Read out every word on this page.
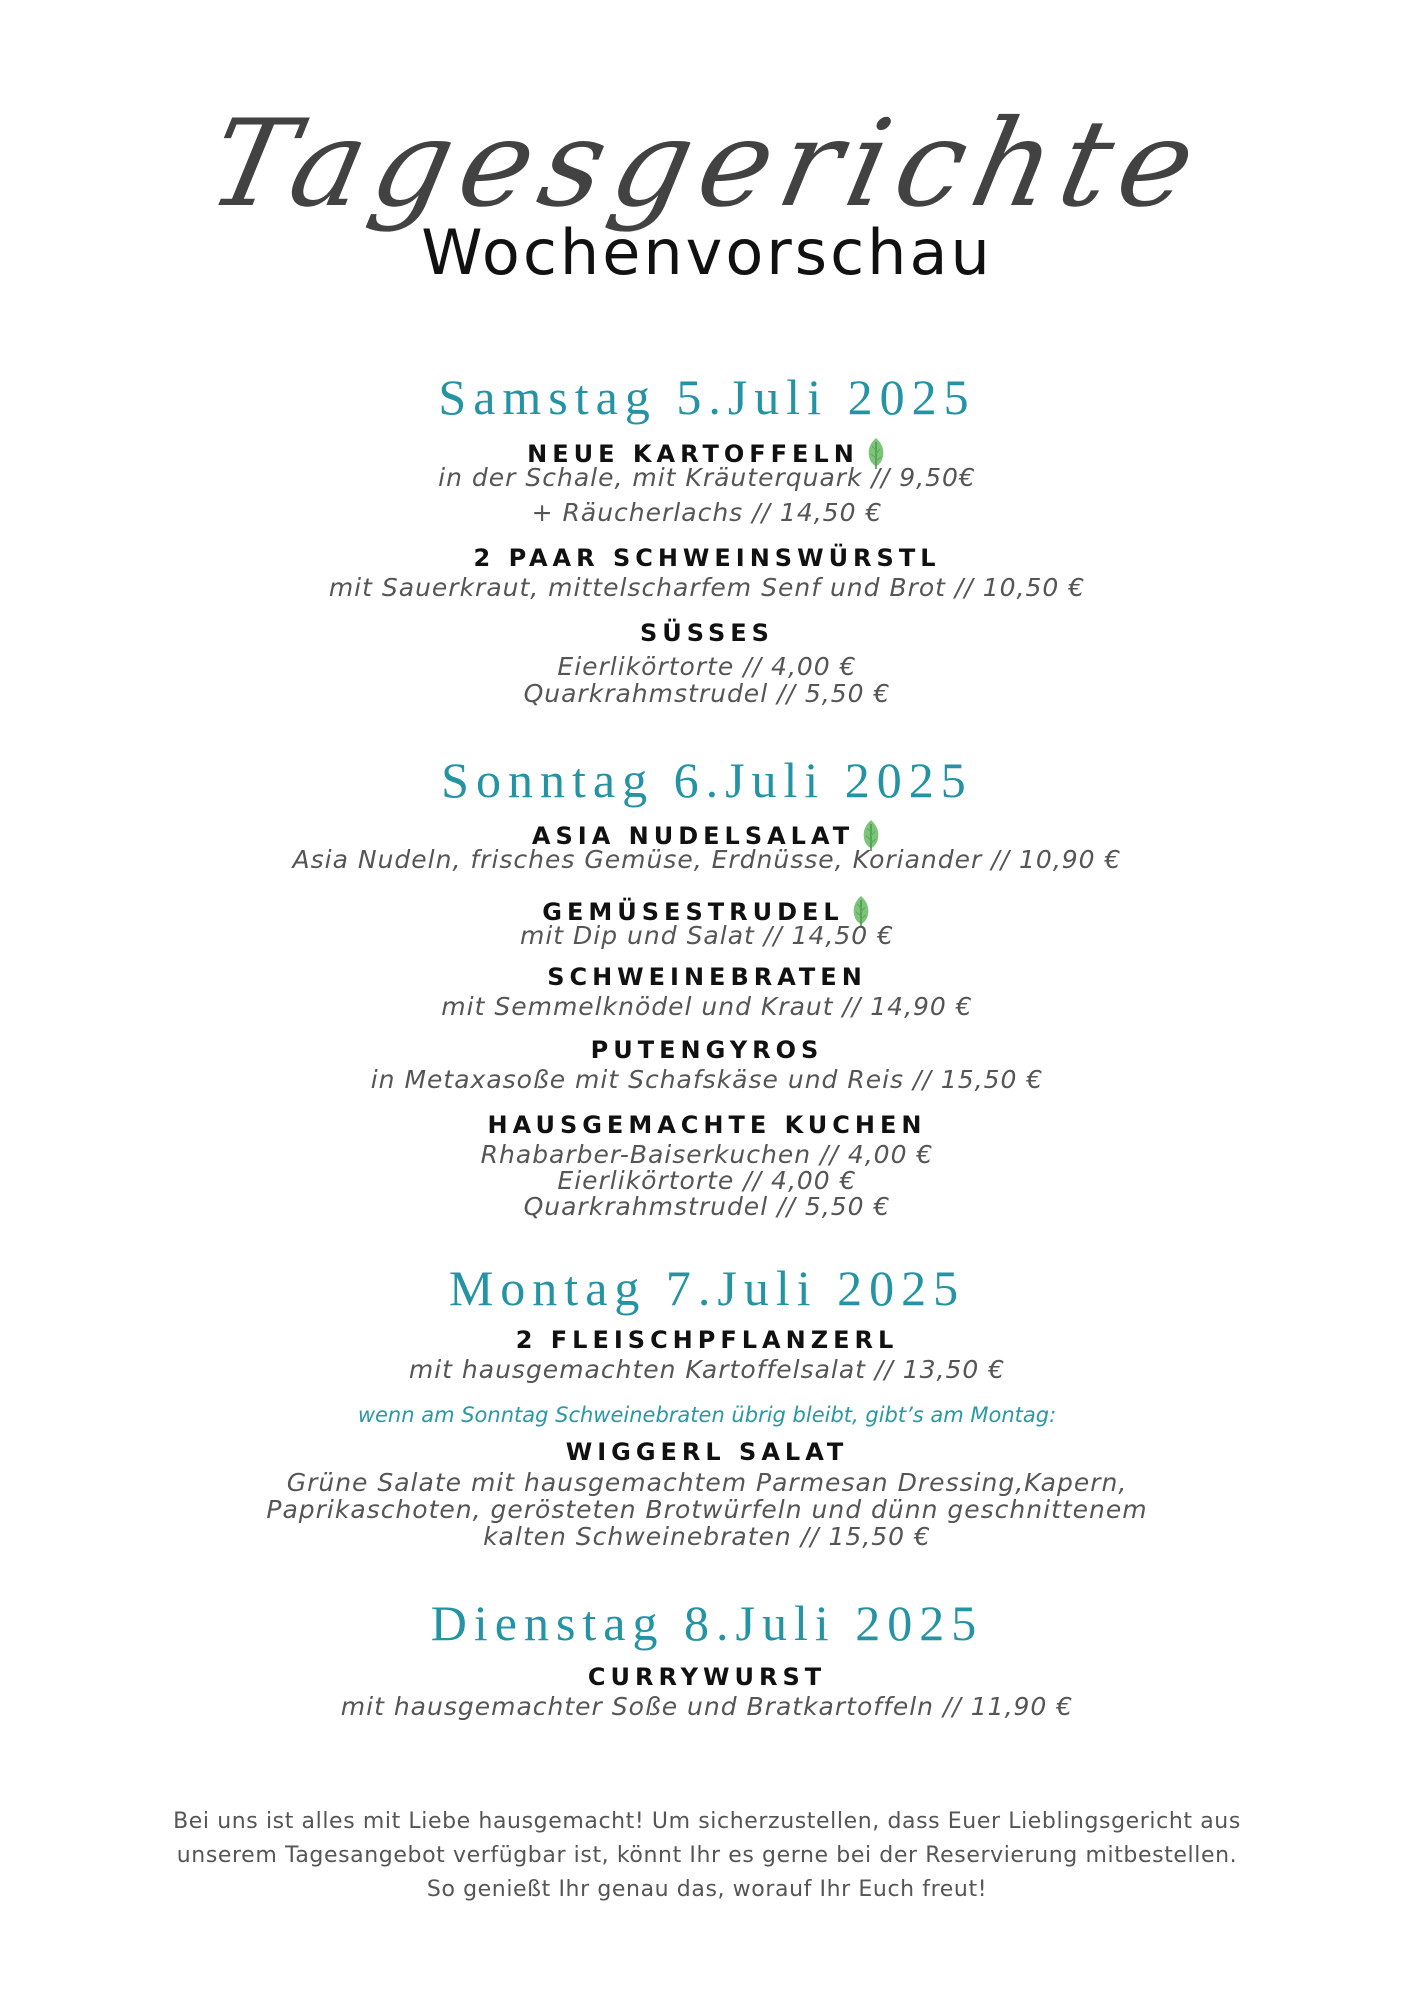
Tagesgerichte
Wochenvorschau
Samstag 5.Juli 2025
NEUE KARTOFFELN
in der Schale, mit Kräuterquark // 9,50€
+ Räucherlachs // 14,50 €
2 PAAR SCHWEINSWÜRSTL
mit Sauerkraut, mittelscharfem Senf und Brot // 10,50 €
SÜSSES
Eierlikörtorte // 4,00 €
Quarkrahmstrudel // 5,50 €
Sonntag 6.Juli 2025
ASIA NUDELSALAT
Asia Nudeln, frisches Gemüse, Erdnüsse, Koriander // 10,90 €
GEMÜSESTRUDEL
mit Dip und Salat // 14,50 €
SCHWEINEBRATEN
mit Semmelknödel und Kraut // 14,90 €
PUTENGYROS
in Metaxasoße mit Schafskäse und Reis // 15,50 €
HAUSGEMACHTE KUCHEN
Rhabarber-Baiserkuchen // 4,00 €
Eierlikörtorte // 4,00 €
Quarkrahmstrudel // 5,50 €
Montag 7.Juli 2025
2 FLEISCHPFLANZERL
mit hausgemachten Kartoffelsalat // 13,50 €
wenn am Sonntag Schweinebraten übrig bleibt, gibt’s am Montag:
WIGGERL SALAT
Grüne Salate mit hausgemachtem Parmesan Dressing,Kapern,
Paprikaschoten, gerösteten Brotwürfeln und dünn geschnittenem
kalten Schweinebraten // 15,50 €
Dienstag 8.Juli 2025
CURRYWURST
mit hausgemachter Soße und Bratkartoffeln // 11,90 €
Bei uns ist alles mit Liebe hausgemacht! Um sicherzustellen, dass Euer Lieblingsgericht aus
unserem Tagesangebot verfügbar ist, könnt Ihr es gerne bei der Reservierung mitbestellen.
So genießt Ihr genau das, worauf Ihr Euch freut!
